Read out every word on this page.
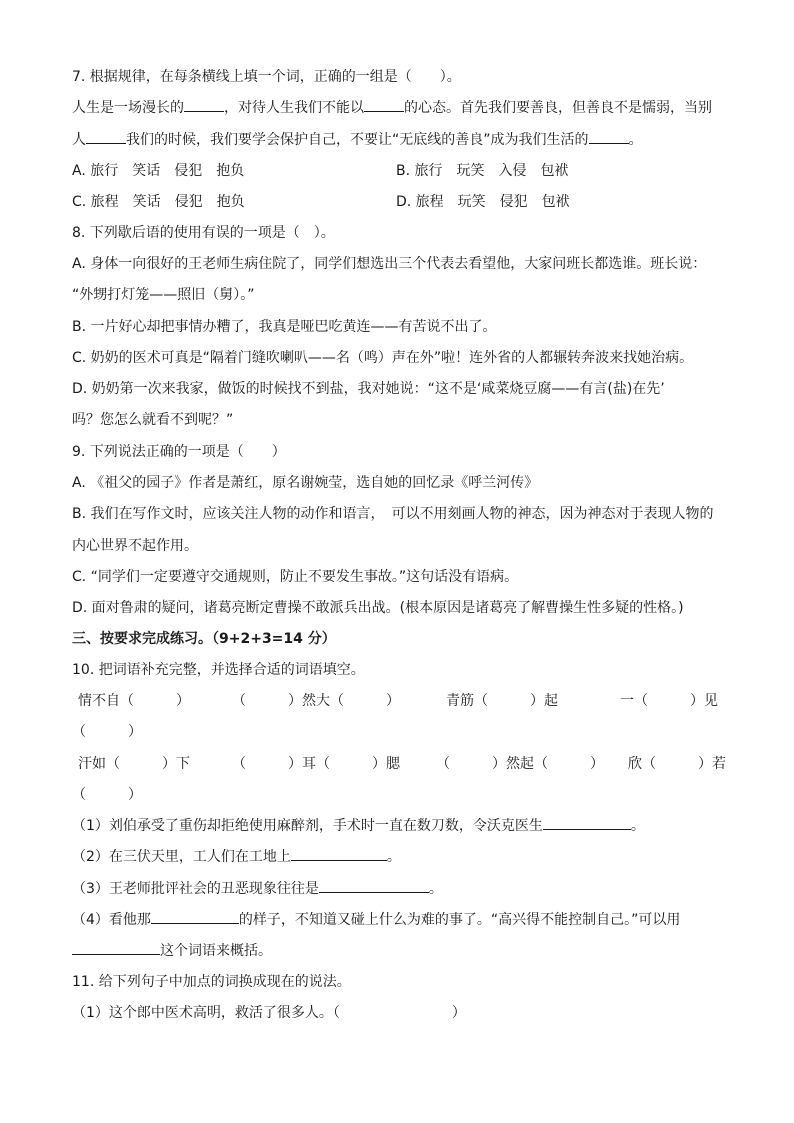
7. 根据规律，在每条横线上填一个词，正确的一组是（　　）。
人生是一场漫长的	，对待人生我们不能以	的心态。首先我们要善良，但善良不是懦弱，当别
人	我们的时候，我们要学会保护自己，不要让“无底线的善良”成为我们生活的	。
A. 旅行　笑话　侵犯　抱负	B. 旅行　玩笑　入侵　包袱
C. 旅程　笑话　侵犯　抱负	D. 旅程　玩笑　侵犯　包袱
8. 下列歇后语的使用有误的一项是（　）。
A. 身体一向很好的王老师生病住院了，同学们想选出三个代表去看望他，大家问班长都选谁。班长说：
“外甥打灯笼——照旧（舅）。”
B. 一片好心却把事情办糟了，我真是哑巴吃黄连——有苦说不出了。
C. 奶奶的医术可真是“隔着门缝吹喇叭——名（鸣）声在外”啦！连外省的人都辗转奔波来找她治病。
D. 奶奶第一次来我家，做饭的时候找不到盐，我对她说：“这不是‘咸菜烧豆腐——有言(盐)在先’
吗？您怎么就看不到呢？”
9. 下列说法正确的一项是（　　）
A. 《祖父的园子》作者是萧红，原名谢婉莹，选自她的回忆录《呼兰河传》
B. 我们在写作文时，应该关注人物的动作和语言，　可以不用刻画人物的神态，因为神态对于表现人物的
内心世界不起作用。
C. “同学们一定要遵守交通规则，防止不要发生事故。”这句话没有语病。
D. 面对鲁肃的疑问，诸葛亮断定曹操不敢派兵出战。(根本原因是诸葛亮了解曹操生性多疑的性格。)
三、按要求完成练习。（9+2+3=14 分）
10. 把词语补充完整，并选择合适的词语填空。
情不自（　　　）	（　　　）然大（　　　）	青筋（　　　）起	一（　　　）见
（　　　）
汗如（　　　）下	（　　　）耳（　　　）腮	（　　　）然起（　　　） 欣（　　　）若
（　　　）
（1）刘伯承受了重伤却拒绝使用麻醉剂，手术时一直在数刀数，令沃克医生	。
（2）在三伏天里，工人们在工地上	。
（3）王老师批评社会的丑恶现象往往是	。
（4）看他那	的样子，不知道又碰上什么为难的事了。“高兴得不能控制自己。”可以用
这个词语来概括。
11. 给下列句子中加点的词换成现在的说法。
（1）这个郎中医术高明，救活了很多人。（　　　　　　　　）
